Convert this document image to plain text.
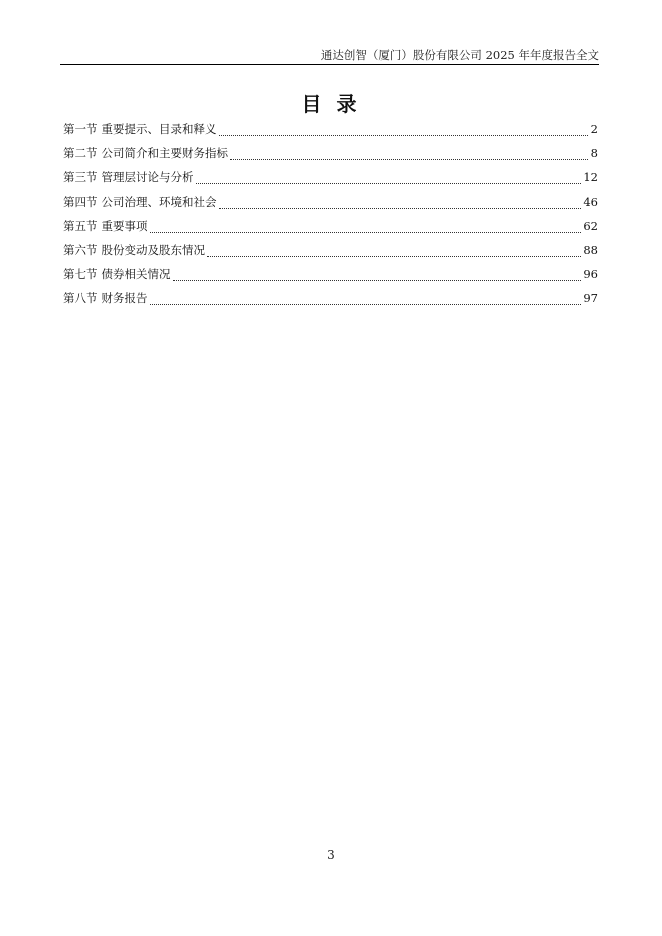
通达创智（厦门）股份有限公司 2025 年年度报告全文
目 录
第一节 重要提示、目录和释义	2
第二节 公司简介和主要财务指标	8
第三节 管理层讨论与分析	12
第四节 公司治理、环境和社会	46
第五节 重要事项	62
第六节 股份变动及股东情况	88
第七节 债券相关情况	96
第八节 财务报告	97
3
